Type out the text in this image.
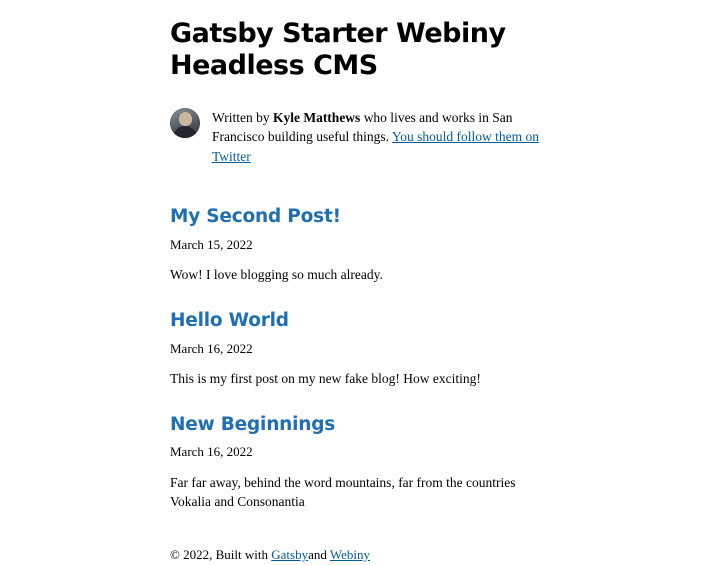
Gatsby Starter Webiny Headless CMS
Written by Kyle Matthews who lives and works in San Francisco building useful things. You should follow them on Twitter
My Second Post!
March 15, 2022

Wow! I love blogging so much already.

Hello World
March 16, 2022

This is my first post on my new fake blog! How exciting!

New Beginnings
March 16, 2022

Far far away, behind the word mountains, far from the countries Vokalia and Consonantia

© 2022, Built with Gatsbyand Webiny
